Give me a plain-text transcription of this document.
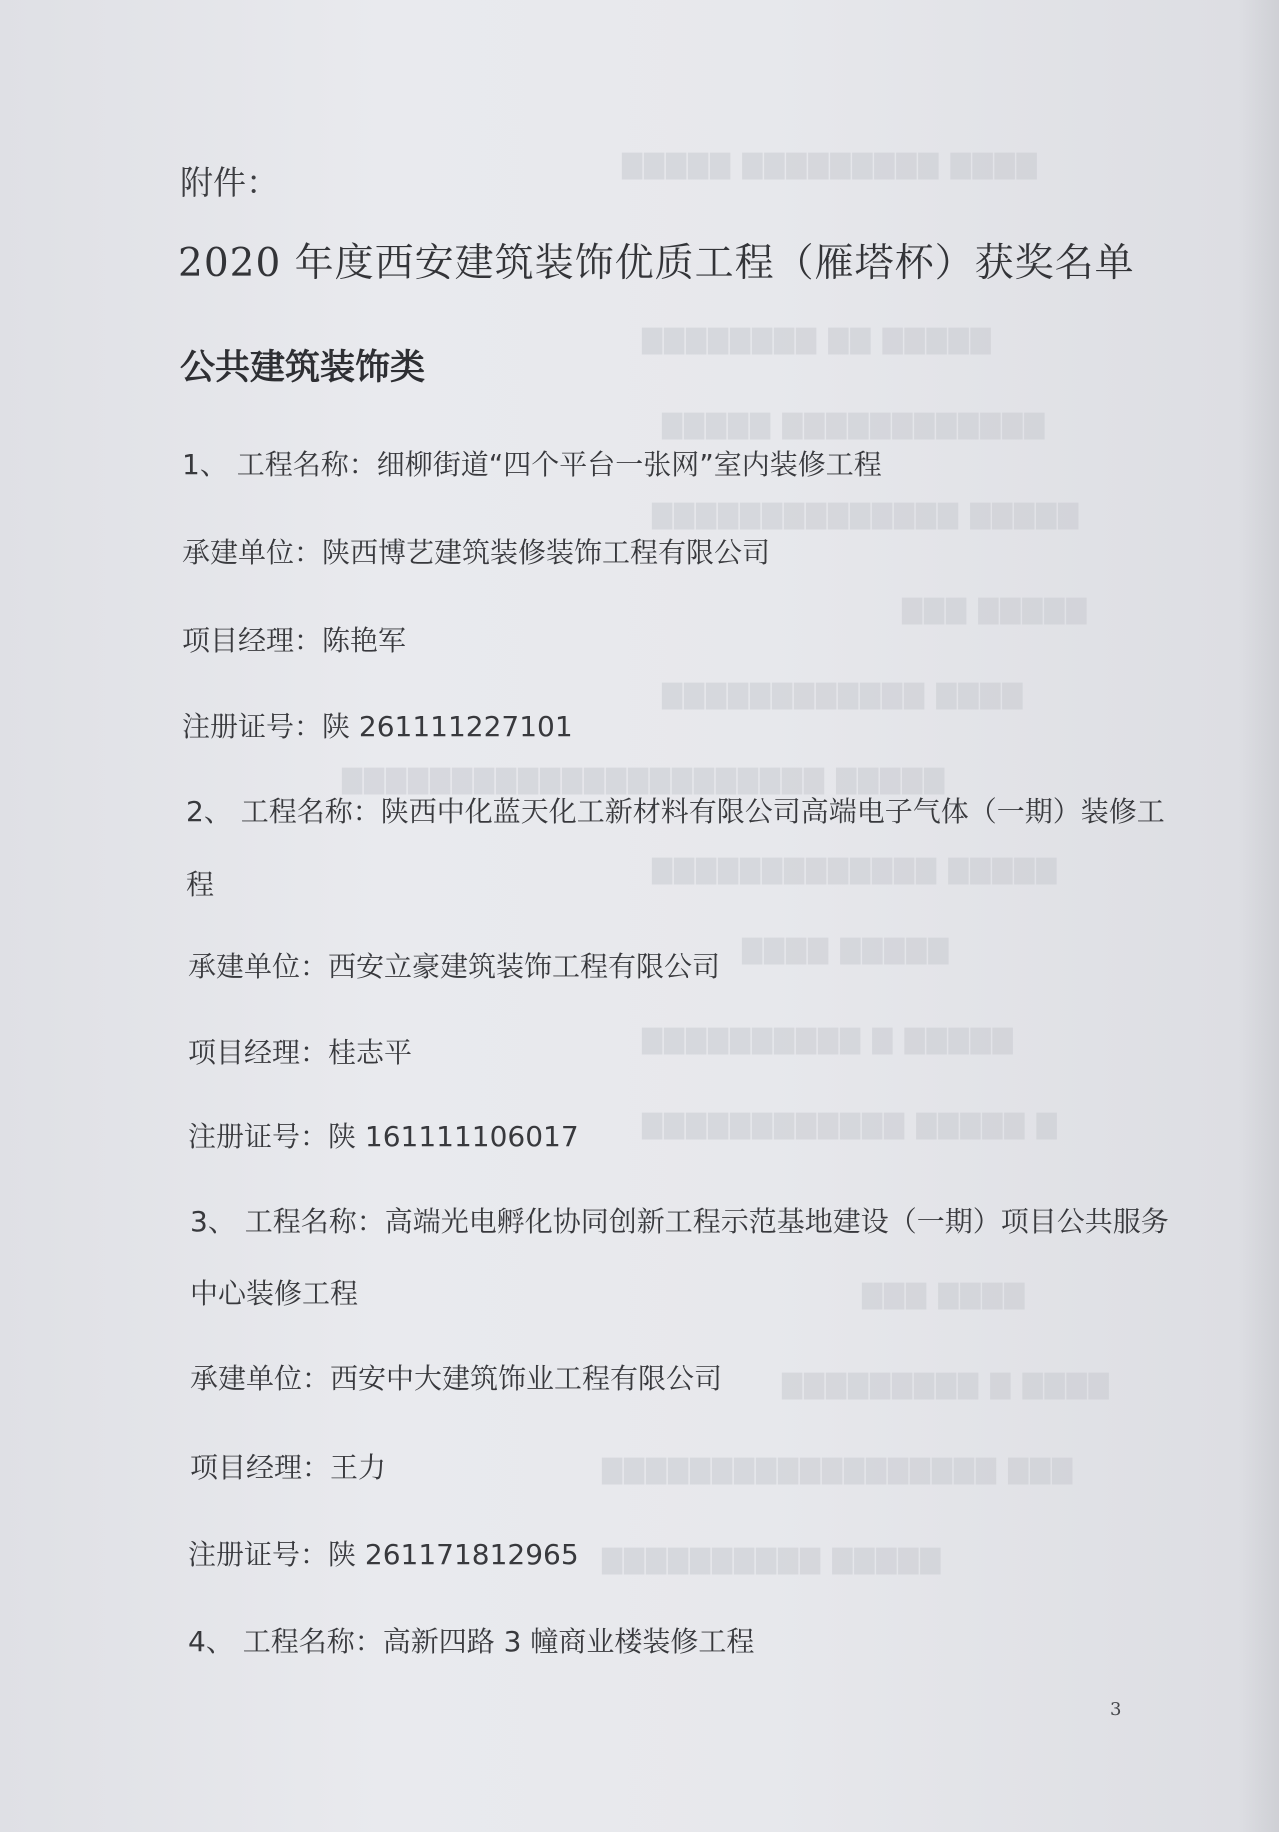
▇▇▇▇ ▇▇▇▇▇▇▇▇▇ ▇▇▇▇▇
▇▇▇▇▇ ▇▇ ▇▇▇▇▇▇▇▇
▇▇▇▇▇▇▇▇▇▇▇▇ ▇▇▇▇▇
▇▇▇▇▇ ▇▇▇▇▇▇▇▇▇▇▇▇▇▇
▇▇▇▇▇ ▇▇▇
▇▇▇▇ ▇▇▇▇▇▇▇▇▇▇▇▇
▇▇▇▇▇ ▇▇▇▇▇▇▇▇▇▇▇▇▇▇▇▇▇▇▇▇▇▇
▇▇▇▇▇ ▇▇▇▇▇▇▇▇▇▇▇▇▇
▇▇▇▇▇ ▇▇▇▇
▇▇▇▇▇ ▇ ▇▇▇▇▇▇▇▇▇▇
▇ ▇▇▇▇▇ ▇▇▇▇▇▇▇▇▇▇▇▇
▇▇▇▇ ▇▇▇
▇▇▇▇ ▇ ▇▇▇▇▇▇▇▇▇
▇▇▇ ▇▇▇▇▇▇▇▇▇▇▇▇▇▇▇▇▇▇
▇▇▇▇▇ ▇▇▇▇▇▇▇▇▇▇
附件：
2020 年度西安建筑装饰优质工程（雁塔杯）获奖名单
公共建筑装饰类
1、 工程名称：细柳街道“四个平台一张网”室内装修工程
承建单位：陕西博艺建筑装修装饰工程有限公司
项目经理：陈艳军
注册证号：陕 261111227101
2、 工程名称：陕西中化蓝天化工新材料有限公司高端电子气体（一期）装修工
程
承建单位：西安立豪建筑装饰工程有限公司
项目经理：桂志平
注册证号：陕 161111106017
3、 工程名称：高端光电孵化协同创新工程示范基地建设（一期）项目公共服务
中心装修工程
承建单位：西安中大建筑饰业工程有限公司
项目经理：王力
注册证号：陕 261171812965
4、 工程名称：高新四路 3 幢商业楼装修工程
3
